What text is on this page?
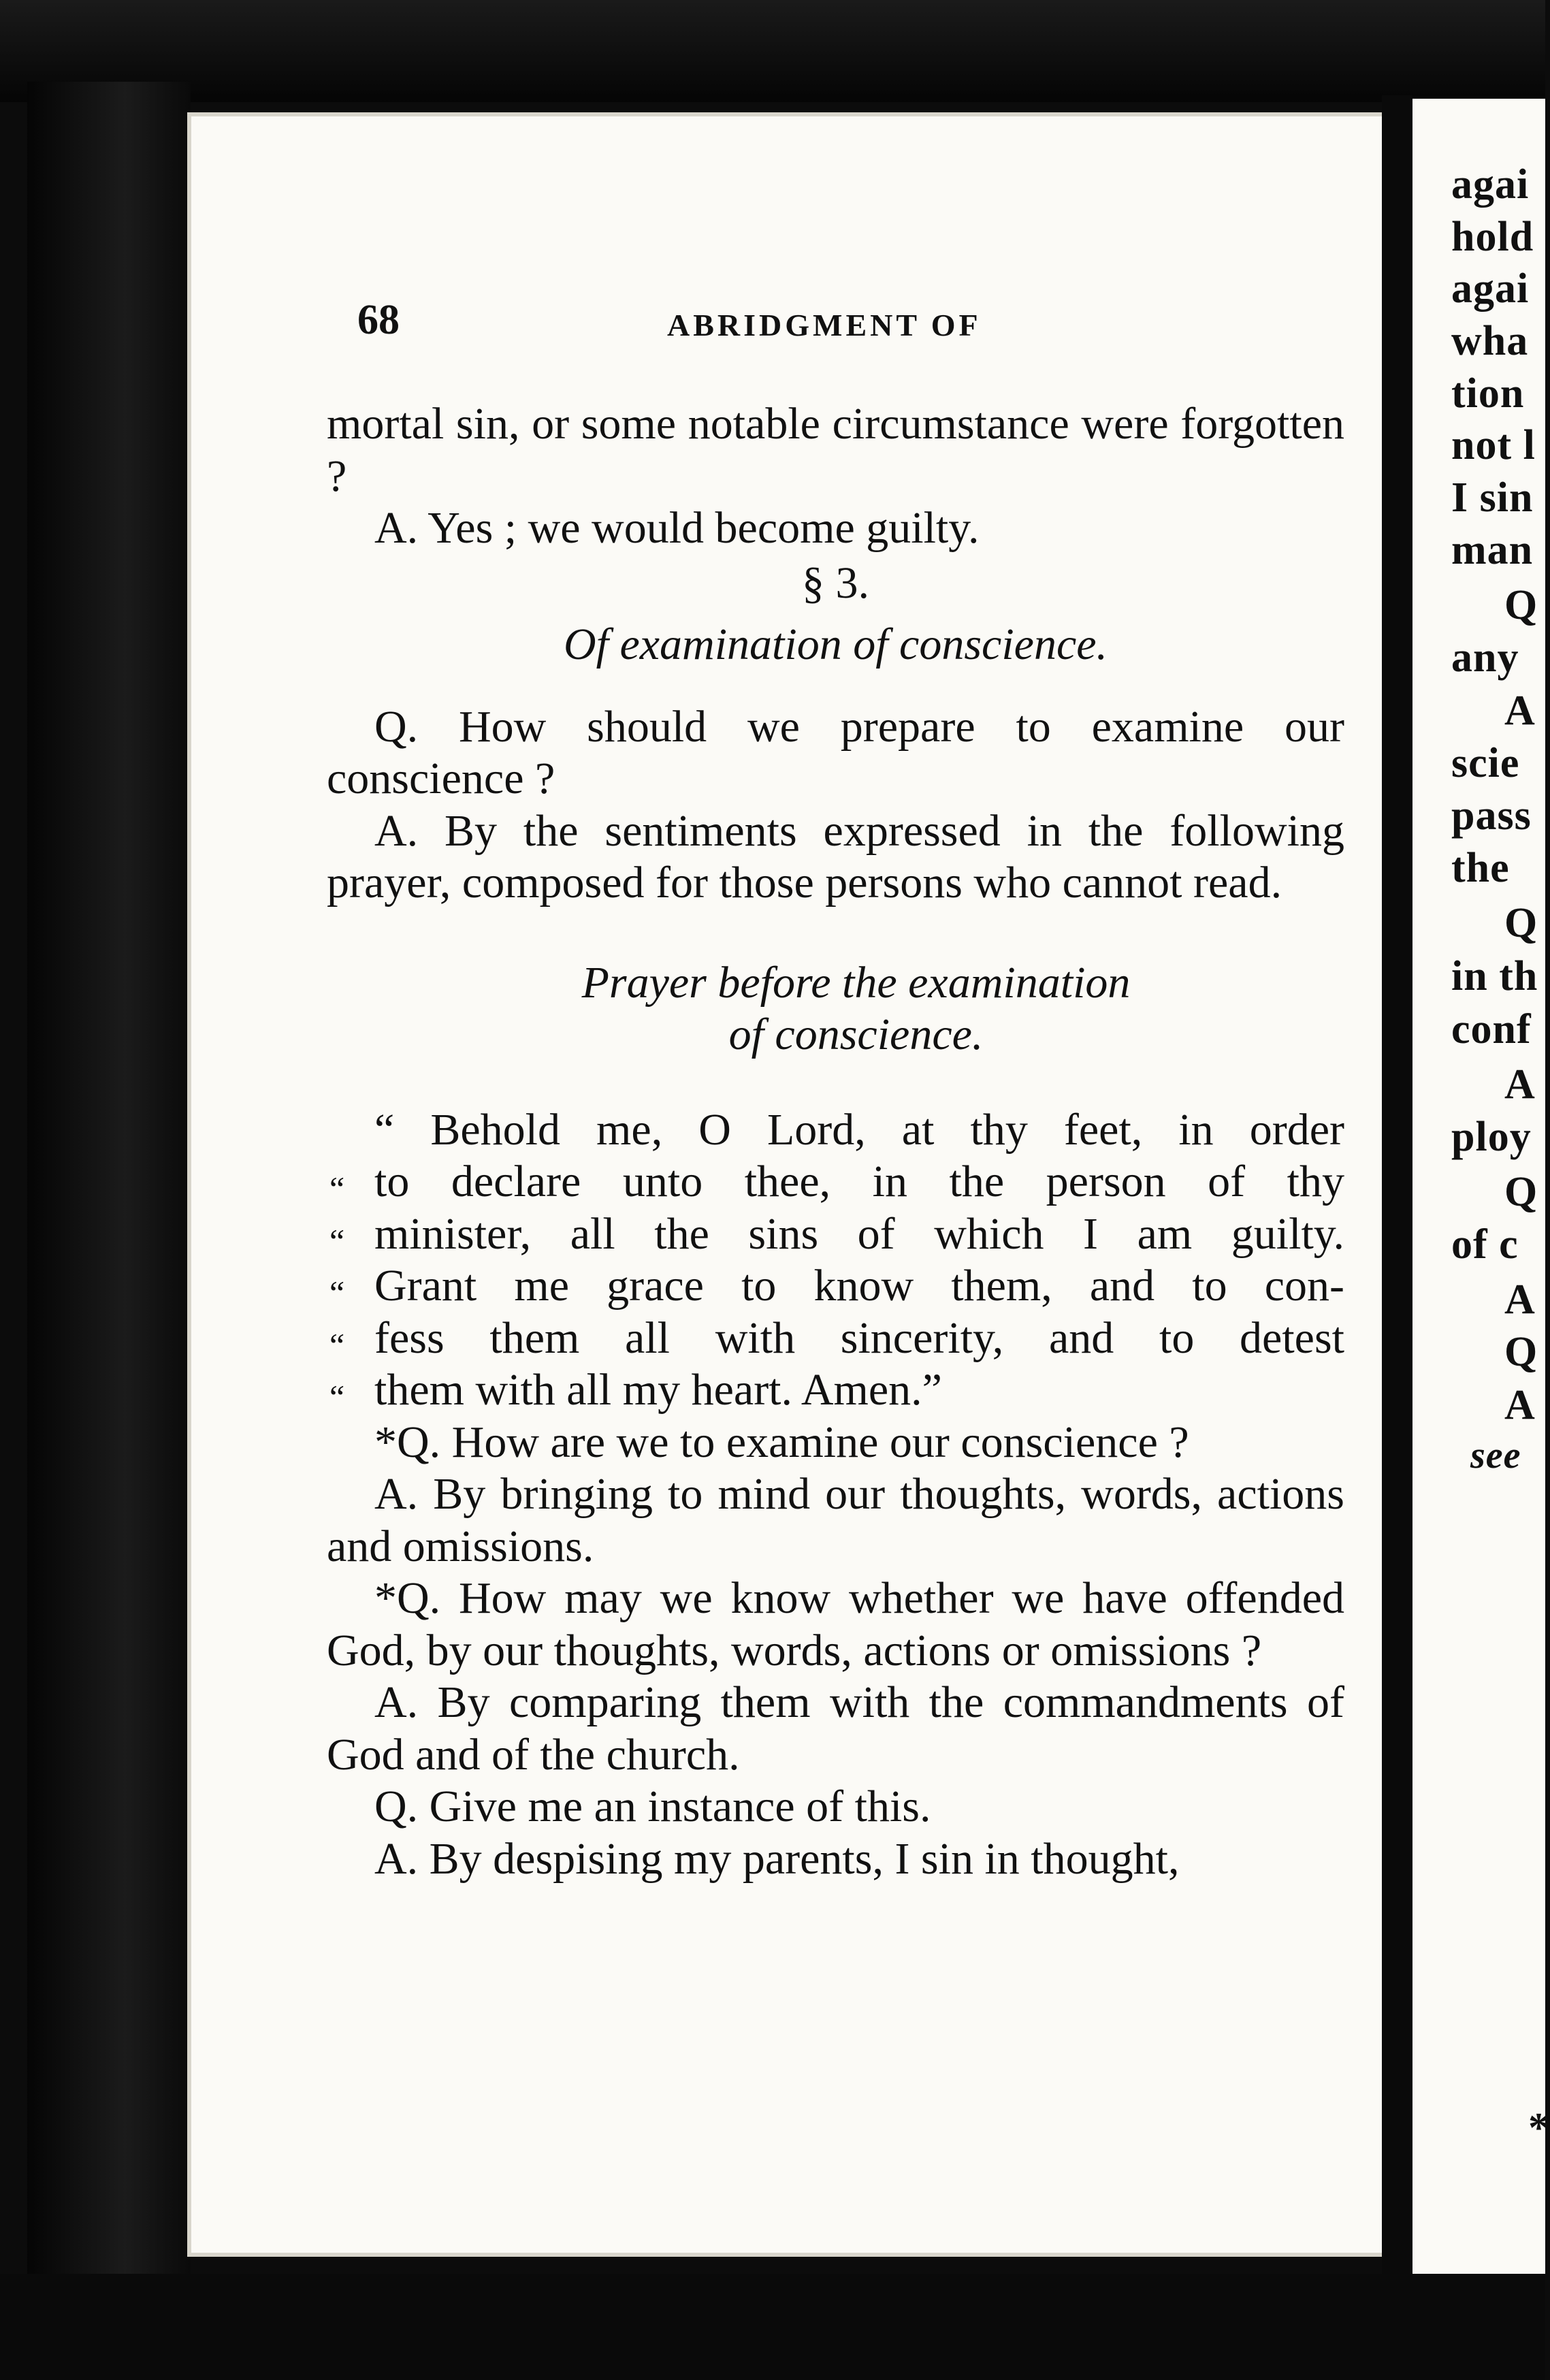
68	ABRIDGMENT OF

mortal sin, or some notable circumstance were forgotten ?

A. Yes ; we would become guilty.

§ 3.

Of examination of conscience.

Q. How should we prepare to examine our conscience ?

A. By the sentiments expressed in the following prayer, composed for those persons who cannot read.

Prayer before the examination
of conscience.

“ Behold me, O Lord, at thy feet, in order
“ to declare unto thee, in the person of thy
“ minister, all the sins of which I am guilty.
“ Grant me grace to know them, and to con-
“ fess them all with sincerity, and to detest
“ them with all my heart. Amen.”

*Q. How are we to examine our conscience ?

A. By bringing to mind our thoughts, words, actions and omissions.

*Q. How may we know whether we have offended God, by our thoughts, words, actions or omissions ?

A. By comparing them with the commandments of God and of the church.

Q. Give me an instance of this.

A. By despising my parents, I sin in thought,

agai
hold
agai
wha
tion
not l
I sin
man
Q
any
A
scie
pass
the
Q
in th
conf
A
ploy
Q
of c
A
Q
A
see
*
